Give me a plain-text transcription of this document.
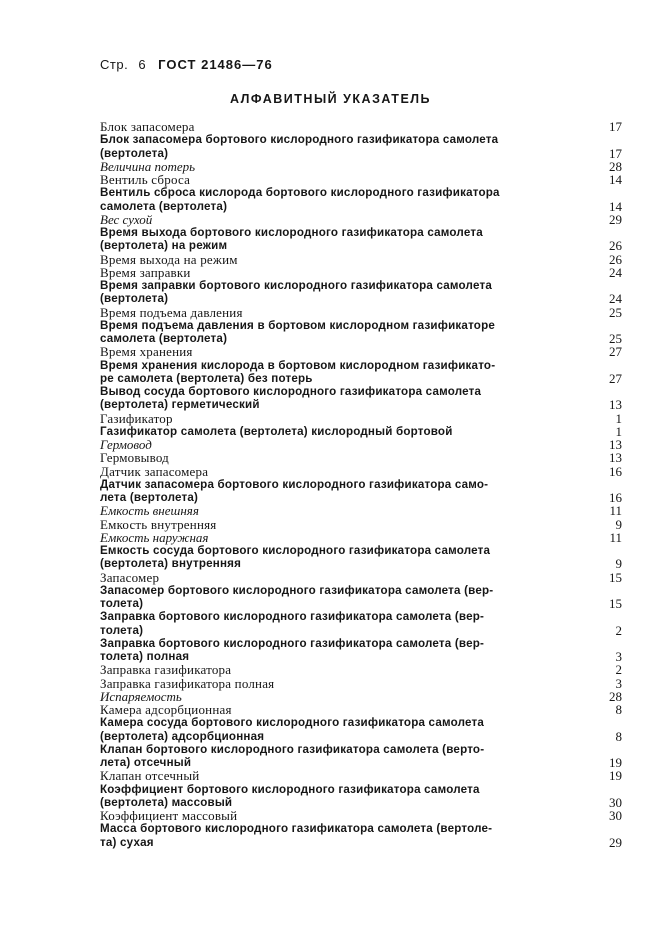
Стр. 6 ГОСТ 21486—76
АЛФАВИТНЫЙ УКАЗАТЕЛЬ
Блок запасомера	17
Блок запасомера бортового кислородного газификатора самолета
(вертолета)	17
Величина потерь	28
Вентиль сброса	14
Вентиль сброса кислорода бортового кислородного газификатора
самолета (вертолета)	14
Вес сухой	29
Время выхода бортового кислородного газификатора самолета
(вертолета) на режим	26
Время выхода на режим	26
Время заправки	24
Время заправки бортового кислородного газификатора самолета
(вертолета)	24
Время подъема давления	25
Время подъема давления в бортовом кислородном газификаторе
самолета (вертолета)	25
Время хранения	27
Время хранения кислорода в бортовом кислородном газификато-
ре самолета (вертолета) без потерь	27
Вывод сосуда бортового кислородного газификатора самолета
(вертолета) герметический	13
Газификатор	1
Газификатор самолета (вертолета) кислородный бортовой	1
Гермовод	13
Гермовывод	13
Датчик запасомера	16
Датчик запасомера бортового кислородного газификатора само-
лета (вертолета)	16
Емкость внешняя	11
Емкость внутренняя	9
Емкость наружная	11
Емкость сосуда бортового кислородного газификатора самолета
(вертолета) внутренняя	9
Запасомер	15
Запасомер бортового кислородного газификатора самолета (вер-
толета)	15
Заправка бортового кислородного газификатора самолета (вер-
толета)	2
Заправка бортового кислородного газификатора самолета (вер-
толета) полная	3
Заправка газификатора	2
Заправка газификатора полная	3
Испаряемость	28
Камера адсорбционная	8
Камера сосуда бортового кислородного газификатора самолета
(вертолета) адсорбционная	8
Клапан бортового кислородного газификатора самолета (верто-
лета) отсечный	19
Клапан отсечный	19
Коэффициент бортового кислородного газификатора самолета
(вертолета) массовый	30
Коэффициент массовый	30
Масса бортового кислородного газификатора самолета (вертоле-
та) сухая	29
